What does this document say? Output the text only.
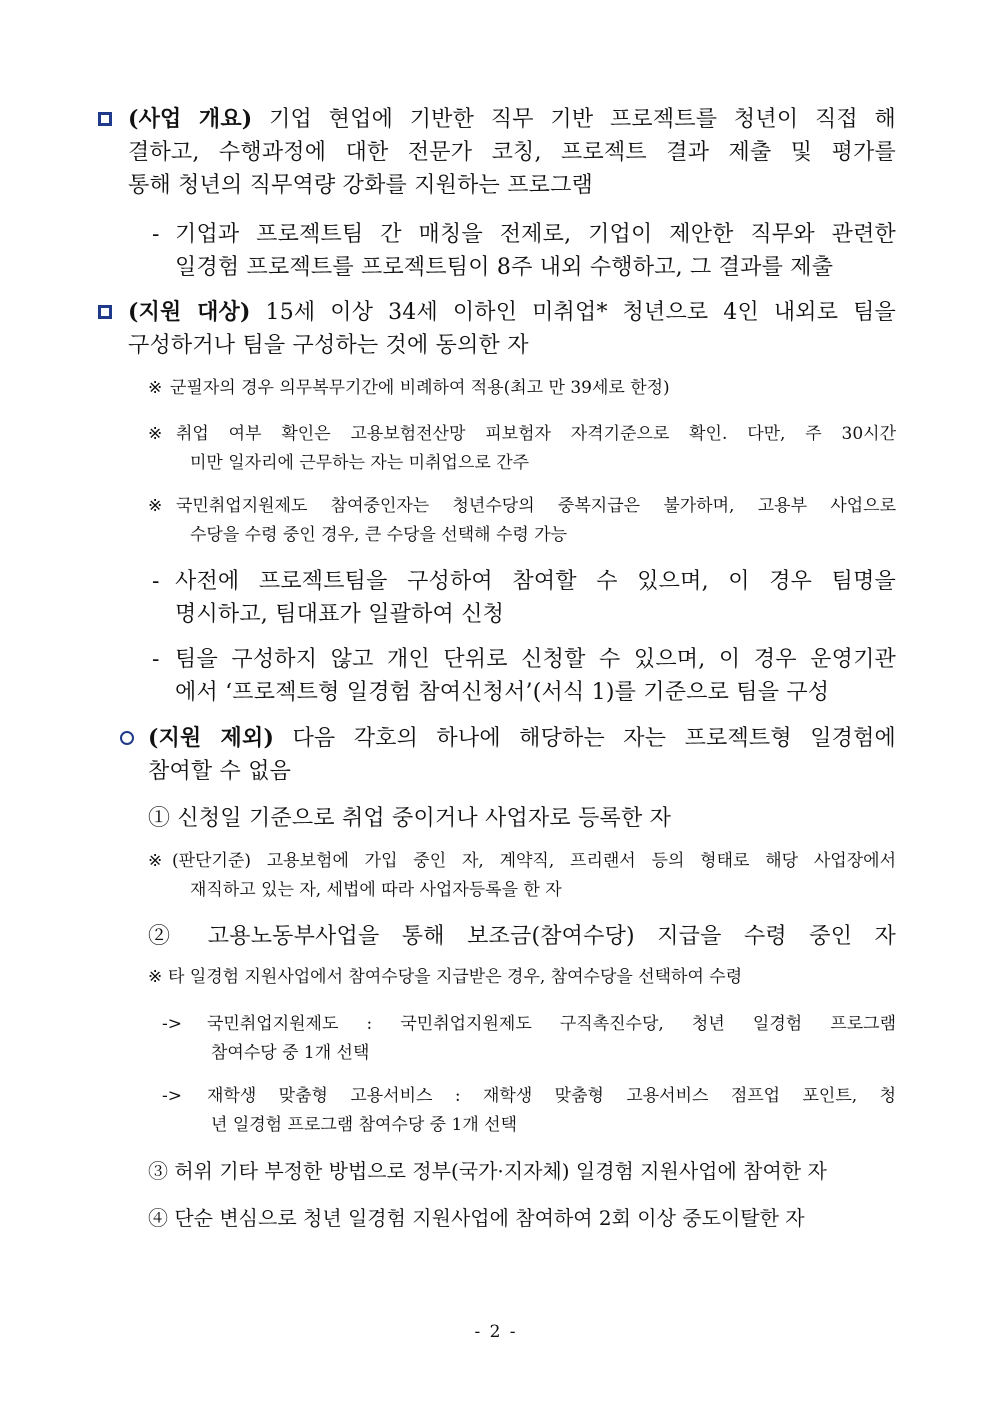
(사업 개요) 기업 현업에 기반한 직무 기반 프로젝트를 청년이 직접 해
결하고, 수행과정에 대한 전문가 코칭, 프로젝트 결과 제출 및 평가를
통해 청년의 직무역량 강화를 지원하는 프로그램
- 기업과 프로젝트팀 간 매칭을 전제로, 기업이 제안한 직무와 관련한
일경험 프로젝트를 프로젝트팀이 8주 내외 수행하고, 그 결과를 제출
(지원 대상) 15세 이상 34세 이하인 미취업* 청년으로 4인 내외로 팀을
구성하거나 팀을 구성하는 것에 동의한 자
※ 군필자의 경우 의무복무기간에 비례하여 적용(최고 만 39세로 한정)
※ 취업 여부 확인은 고용보험전산망 피보험자 자격기준으로 확인. 다만, 주 30시간
미만 일자리에 근무하는 자는 미취업으로 간주
※ 국민취업지원제도 참여중인자는 청년수당의 중복지급은 불가하며, 고용부 사업으로
수당을 수령 중인 경우, 큰 수당을 선택해 수령 가능
- 사전에 프로젝트팀을 구성하여 참여할 수 있으며, 이 경우 팀명을
명시하고, 팀대표가 일괄하여 신청
- 팀을 구성하지 않고 개인 단위로 신청할 수 있으며, 이 경우 운영기관
에서 ‘프로젝트형 일경험 참여신청서’(서식 1)를 기준으로 팀을 구성
(지원 제외) 다음 각호의 하나에 해당하는 자는 프로젝트형 일경험에
참여할 수 없음
① 신청일 기준으로 취업 중이거나 사업자로 등록한 자
※ (판단기준) 고용보험에 가입 중인 자, 계약직, 프리랜서 등의 형태로 해당 사업장에서
재직하고 있는 자, 세법에 따라 사업자등록을 한 자
② 고용노동부사업을 통해 보조금(참여수당) 지급을 수령 중인 자
※ 타 일경험 지원사업에서 참여수당을 지급받은 경우, 참여수당을 선택하여 수령
-> 국민취업지원제도 : 국민취업지원제도 구직촉진수당, 청년 일경험 프로그램
참여수당 중 1개 선택
-> 재학생 맞춤형 고용서비스 : 재학생 맞춤형 고용서비스 점프업 포인트, 청
년 일경험 프로그램 참여수당 중 1개 선택
③ 허위 기타 부정한 방법으로 정부(국가·지자체) 일경험 지원사업에 참여한 자
④ 단순 변심으로 청년 일경험 지원사업에 참여하여 2회 이상 중도이탈한 자
- 2 -
